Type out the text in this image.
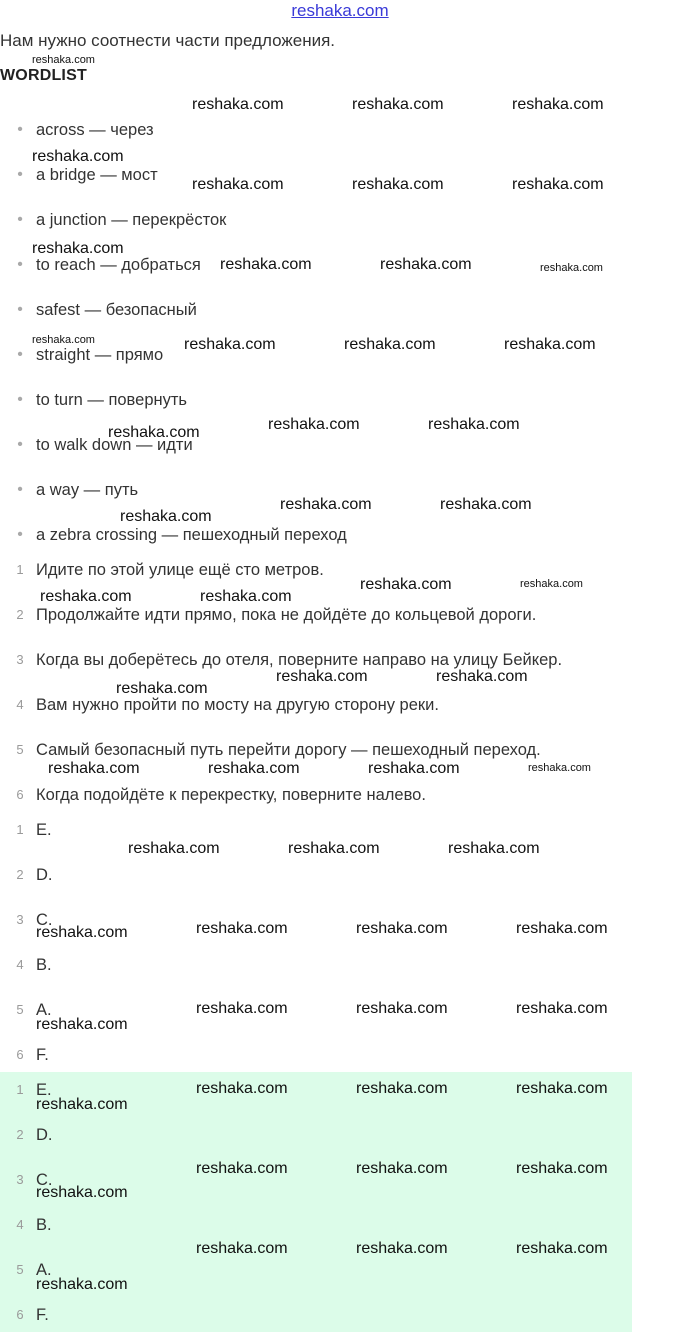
reshaka.com
Нам нужно соотнести части предложения.
WORDLIST
• across — через
• a bridge — мост
• a junction — перекрёсток
• to reach — добраться
• safest — безопасный
• straight — прямо
• to turn — повернуть
• to walk down — идти
• a way — путь
• a zebra crossing — пешеходный переход
1 Идите по этой улице ещё сто метров.
2 Продолжайте идти прямо, пока не дойдёте до кольцевой дороги.
3 Когда вы доберётесь до отеля, поверните направо на улицу Бейкер.
4 Вам нужно пройти по мосту на другую сторону реки.
5 Самый безопасный путь перейти дорогу — пешеходный переход.
6 Когда подойдёте к перекрестку, поверните налево.
1 E.
2 D.
3 C.
4 B.
5 A.
6 F.
1 E.
2 D.
3 C.
4 B.
5 A.
6 F.
reshaka.com
reshaka.com	reshaka.com	reshaka.com
reshaka.com
reshaka.com	reshaka.com	reshaka.com
reshaka.com
reshaka.com	reshaka.com	reshaka.com
reshaka.com	reshaka.com	reshaka.com	reshaka.com
reshaka.com	reshaka.com	reshaka.com
reshaka.com
reshaka.com	reshaka.com
reshaka.com	reshaka.com
reshaka.com	reshaka.com
reshaka.com
reshaka.com	reshaka.com
reshaka.com	reshaka.com	reshaka.com	reshaka.com
reshaka.com	reshaka.com	reshaka.com
reshaka.com	reshaka.com	reshaka.com	reshaka.com
reshaka.com
reshaka.com	reshaka.com	reshaka.com
reshaka.com
reshaka.com	reshaka.com	reshaka.com
reshaka.com
reshaka.com	reshaka.com	reshaka.com
reshaka.com	reshaka.com	reshaka.com
reshaka.com
